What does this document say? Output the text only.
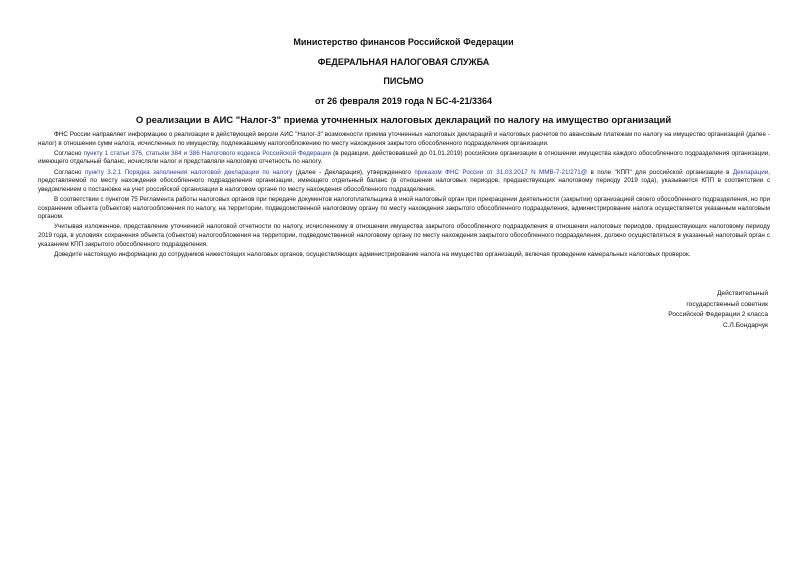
Министерство финансов Российской Федерации
ФЕДЕРАЛЬНАЯ НАЛОГОВАЯ СЛУЖБА
ПИСЬМО
от 26 февраля 2019 года N БС-4-21/3364
О реализации в АИС "Налог-3" приема уточненных налоговых деклараций по налогу на имущество организаций

ФНС России направляет информацию о реализации в действующей версии АИС "Налог-3" возможности приема уточненных налоговых деклараций и налоговых расчетов по авансовым платежам по налогу на имущество организаций (далее - налог) в отношении сумм налога, исчисленных по имуществу, подлежавшему налогообложению по месту нахождения закрытого обособленного подразделения организации.

Согласно пункту 1 статьи 376, статьям 384 и 386 Налогового кодекса Российской Федерации (в редакции, действовавшей до 01.01.2019) российские организации в отношении имущества каждого обособленного подразделения организации, имеющего отдельный баланс, исчисляли налог и представляли налоговую отчетность по налогу.

Согласно пункту 3.2.1 Порядка заполнения налоговой декларации по налогу (далее - Декларация), утвержденного приказом ФНС России от 31.03.2017 N ММВ-7-21/271@ в поле "КПП" для российской организации в Декларации, представляемой по месту нахождения обособленного подразделения организации, имеющего отдельный баланс (в отношении налоговых периодов, предшествующих налоговому периоду 2019 года), указывается КПП в соответствии с уведомлением о постановке на учет российской организации в налоговом органе по месту нахождения обособленного подразделения.

В соответствии с пунктом 75 Регламента работы налоговых органов при передаче документов налогоплательщика в иной налоговый орган при прекращении деятельности (закрытии) организацией своего обособленного подразделения, но при сохранении объекта (объектов) налогообложения по налогу, на территории, подведомственной налоговому органу по месту нахождения закрытого обособленного подразделения, администрирование налога осуществляется указанным налоговым органом.

Учитывая изложенное, представление уточненной налоговой отчетности по налогу, исчисленному в отношении имущества закрытого обособленного подразделения в отношении налоговых периодов, предшествующих налоговому периоду 2019 года, в условиях сохранения объекта (объектов) налогообложения на территории, подведомственной налоговому органу по месту нахождения закрытого обособленного подразделения, должно осуществляться в указанный налоговый орган с указанием КПП закрытого обособленного подразделения.

Доведите настоящую информацию до сотрудников нижестоящих налоговых органов, осуществляющих администрирование налога на имущество организаций, включая проведение камеральных налоговых проверок.

Действительный
государственный советник
Российской Федерации 2 класса
С.Л.Бондарчук
